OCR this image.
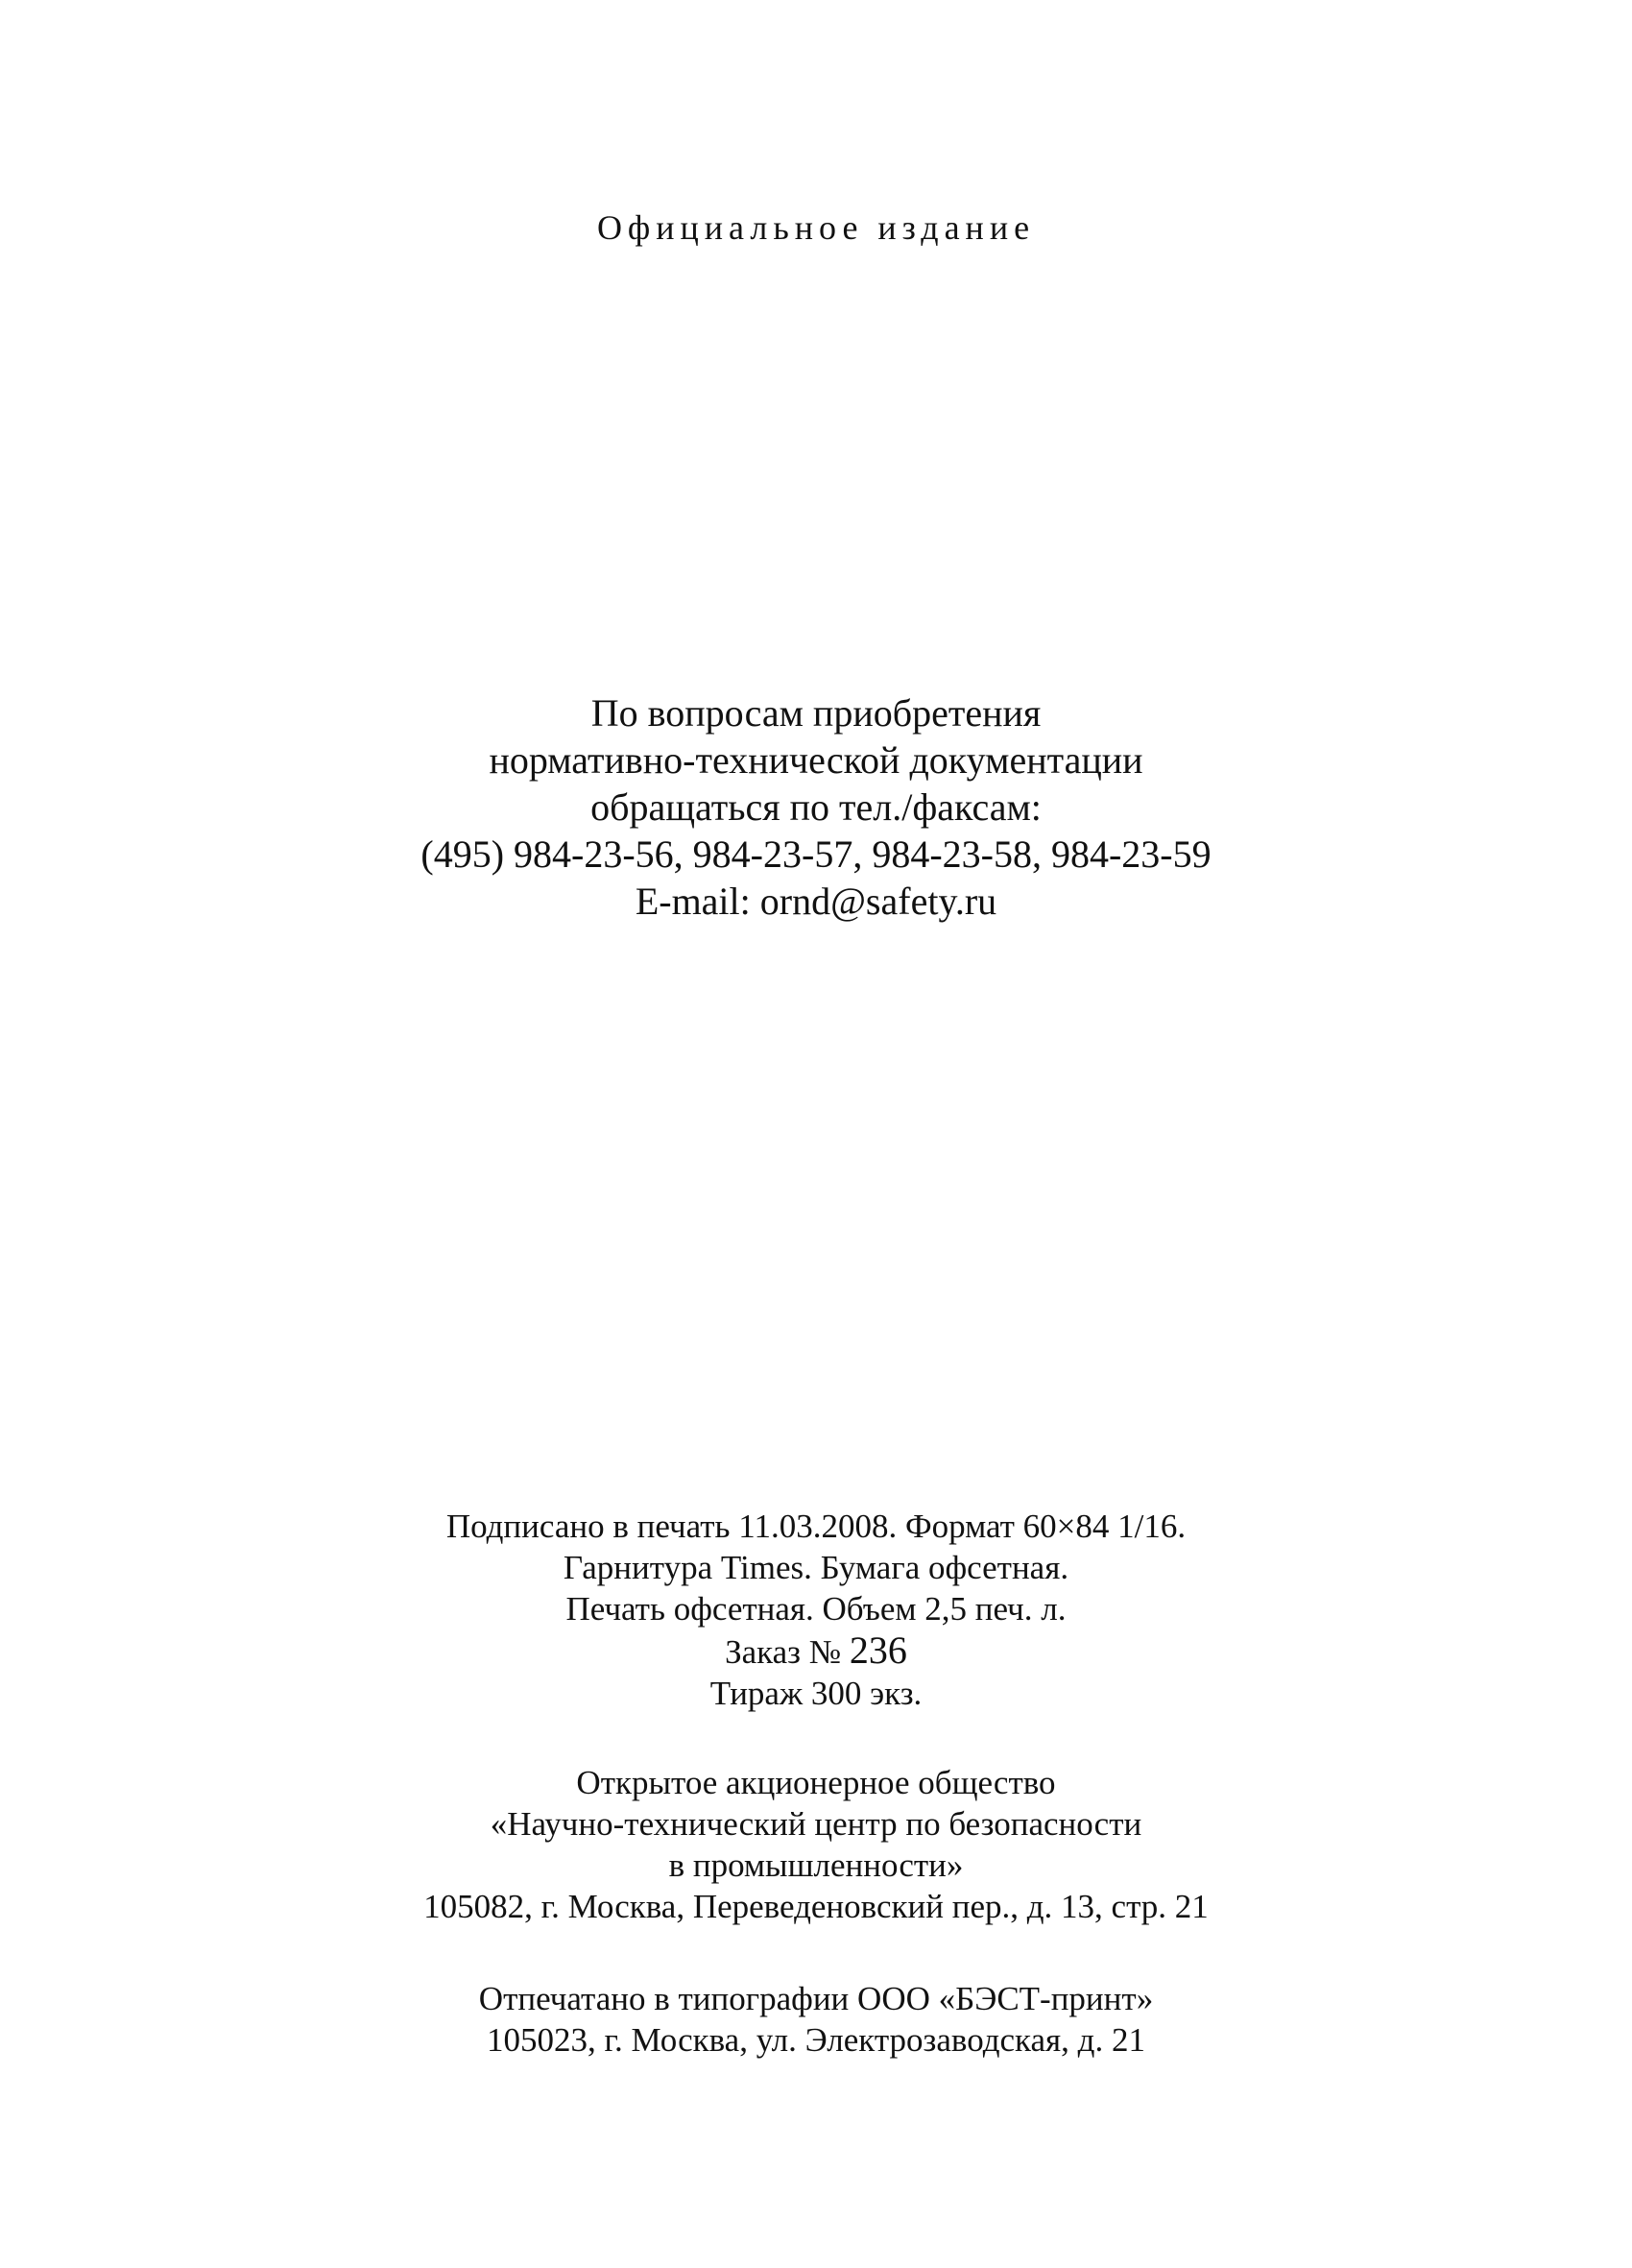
Официальное издание
По вопросам приобретения
нормативно-технической документации
обращаться по тел./факсам:
(495) 984-23-56, 984-23-57, 984-23-58, 984-23-59
E-mail: ornd@safety.ru
Подписано в печать 11.03.2008. Формат 60×84 1/16.
Гарнитура Times. Бумага офсетная.
Печать офсетная. Объем 2,5 печ. л.
Заказ № 236
Тираж 300 экз.
Открытое акционерное общество
«Научно-технический центр по безопасности
в промышленности»
105082, г. Москва, Переведеновский пер., д. 13, стр. 21
Отпечатано в типографии ООО «БЭСТ-принт»
105023, г. Москва, ул. Электрозаводская, д. 21
